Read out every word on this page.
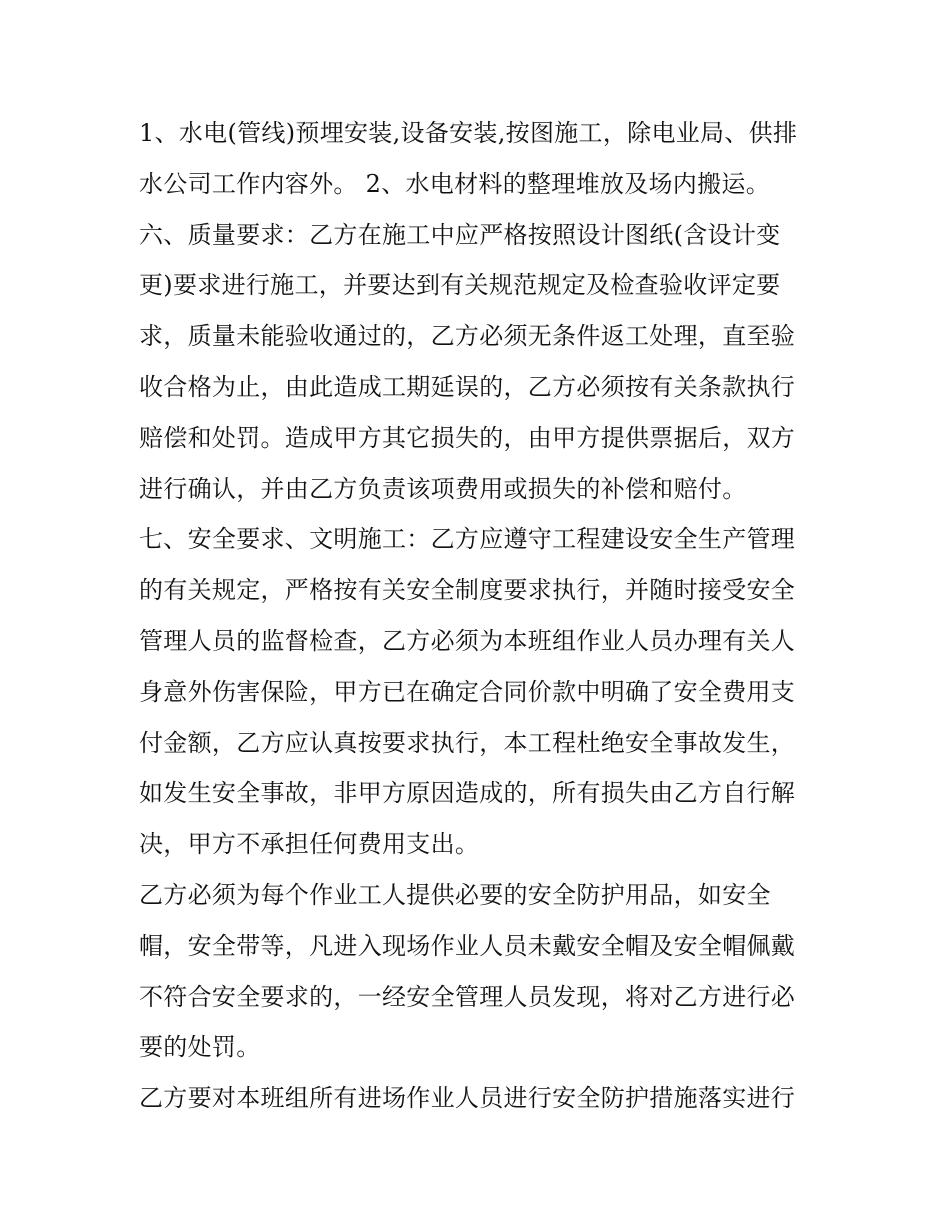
1、水电(管线)预埋安装,设备安装,按图施工，除电业局、供排
水公司工作内容外。 2、水电材料的整理堆放及场内搬运。
六、质量要求：乙方在施工中应严格按照设计图纸(含设计变
更)要求进行施工，并要达到有关规范规定及检查验收评定要
求，质量未能验收通过的，乙方必须无条件返工处理，直至验
收合格为止，由此造成工期延误的，乙方必须按有关条款执行
赔偿和处罚。造成甲方其它损失的，由甲方提供票据后，双方
进行确认，并由乙方负责该项费用或损失的补偿和赔付。
七、安全要求、文明施工：乙方应遵守工程建设安全生产管理
的有关规定，严格按有关安全制度要求执行，并随时接受安全
管理人员的监督检查，乙方必须为本班组作业人员办理有关人
身意外伤害保险，甲方已在确定合同价款中明确了安全费用支
付金额，乙方应认真按要求执行，本工程杜绝安全事故发生，
如发生安全事故，非甲方原因造成的，所有损失由乙方自行解
决，甲方不承担任何费用支出。
乙方必须为每个作业工人提供必要的安全防护用品，如安全
帽，安全带等，凡进入现场作业人员未戴安全帽及安全帽佩戴
不符合安全要求的，一经安全管理人员发现，将对乙方进行必
要的处罚。
乙方要对本班组所有进场作业人员进行安全防护措施落实进行
